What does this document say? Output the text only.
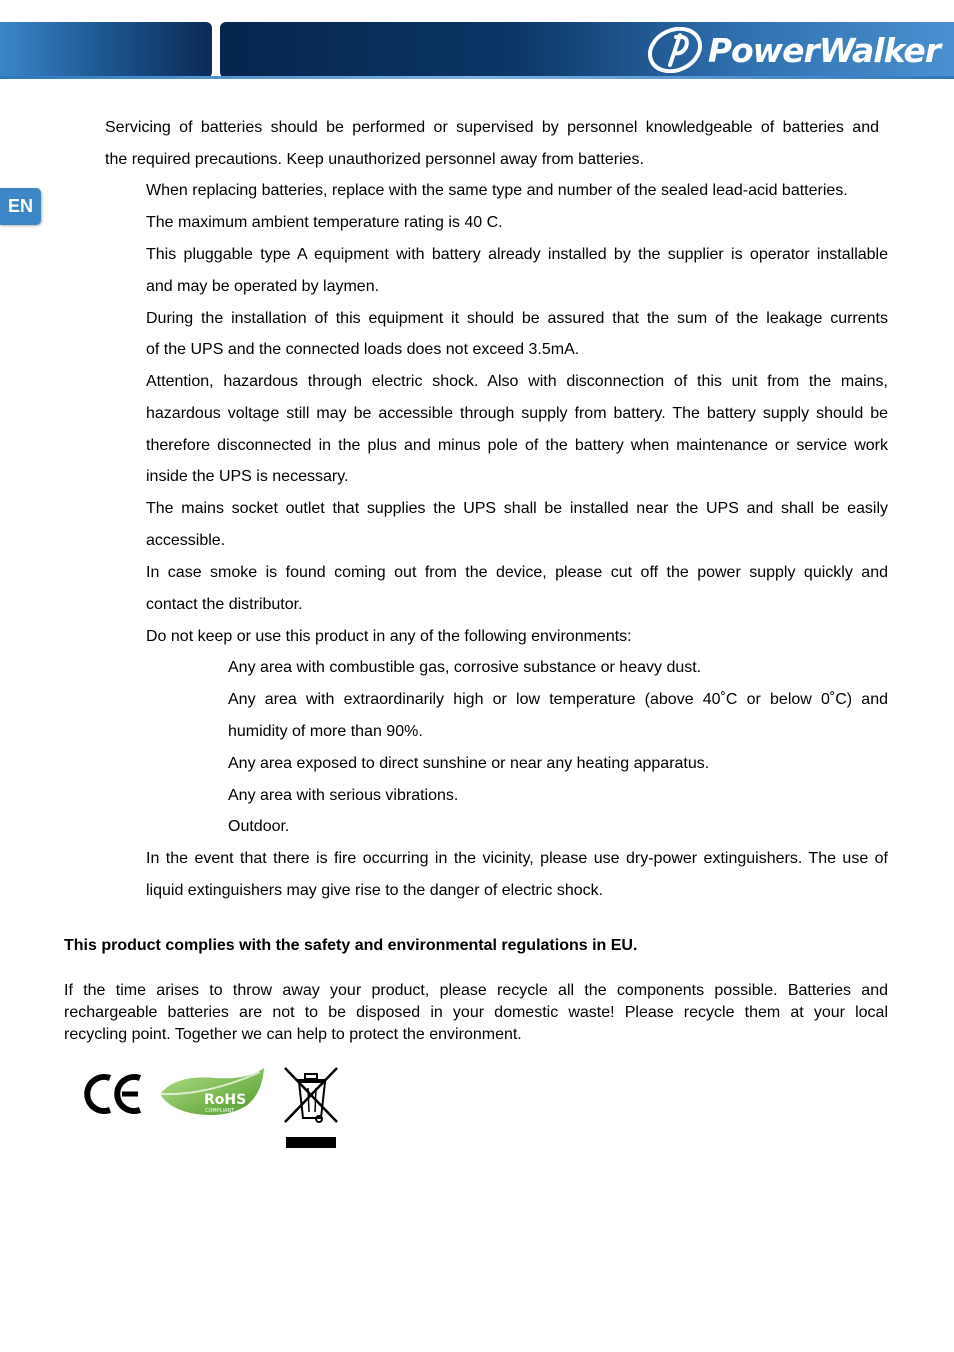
PowerWalker
EN
Servicing of batteries should be performed or supervised by personnel knowledgeable of batteries and
the required precautions. Keep unauthorized personnel away from batteries.
When replacing batteries, replace with the same type and number of the sealed lead-acid batteries.
The maximum ambient temperature rating is 40 C.
This pluggable type A equipment with battery already installed by the supplier is operator installable
and may be operated by laymen.
During the installation of this equipment it should be assured that the sum of the leakage currents
of the UPS and the connected loads does not exceed 3.5mA.
Attention, hazardous through electric shock. Also with disconnection of this unit from the mains,
hazardous voltage still may be accessible through supply from battery. The battery supply should be
therefore disconnected in the plus and minus pole of the battery when maintenance or service work
inside the UPS is necessary.
The mains socket outlet that supplies the UPS shall be installed near the UPS and shall be easily
accessible.
In case smoke is found coming out from the device, please cut off the power supply quickly and
contact the distributor.
Do not keep or use this product in any of the following environments:
Any area with combustible gas, corrosive substance or heavy dust.
Any area with extraordinarily high or low temperature (above 40˚C or below 0˚C) and
humidity of more than 90%.
Any area exposed to direct sunshine or near any heating apparatus.
Any area with serious vibrations.
Outdoor.
In the event that there is fire occurring in the vicinity, please use dry-power extinguishers. The use of
liquid extinguishers may give rise to the danger of electric shock.
This product complies with the safety and environmental regulations in EU.
If the time arises to throw away your product, please recycle all the components possible. Batteries and
rechargeable batteries are not to be disposed in your domestic waste! Please recycle them at your local
recycling point. Together we can help to protect the environment.
RoHS
COMPLIANT
